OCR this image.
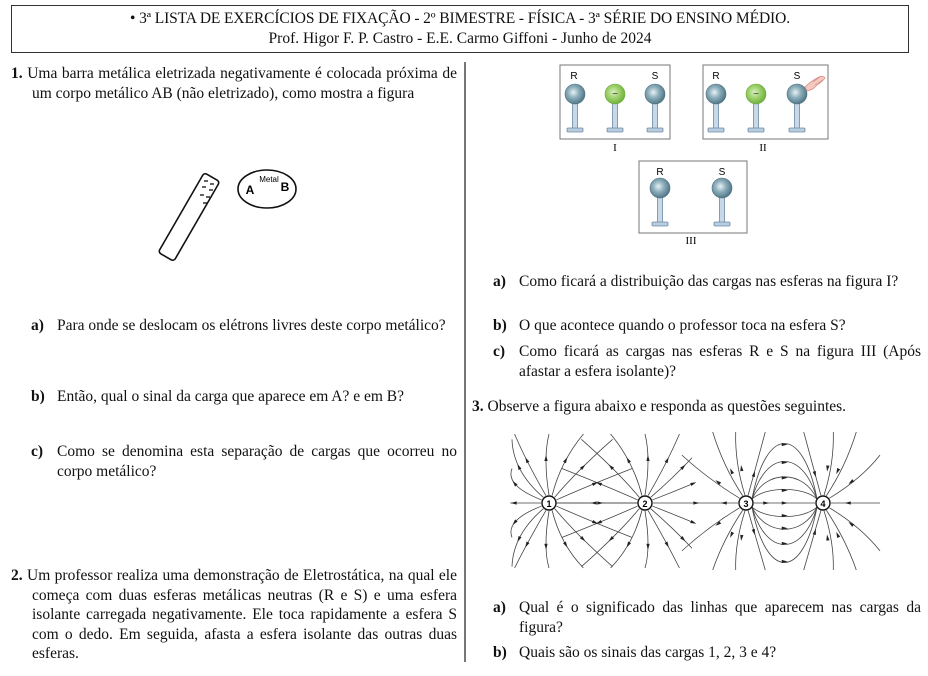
• 3ª LISTA DE EXERCÍCIOS DE FIXAÇÃO - 2º BIMESTRE - FÍSICA - 3ª SÉRIE DO ENSINO MÉDIO.
Prof. Higor F. P. Castro - E.E. Carmo Giffoni - Junho de 2024
1. Uma barra metálica eletrizada negativamente é colocada próxima de um corpo metálico AB (não eletrizado), como mostra a figura
Metal
A B
a) Para onde se deslocam os elétrons livres deste corpo metálico?
b) Então, qual o sinal da carga que aparece em A? e em B?
c) Como se denomina esta separação de cargas que ocorreu no corpo metálico?
2. Um professor realiza uma demonstração de Eletrostática, na qual ele começa com duas esferas metálicas neutras (R e S) e uma esfera isolante carregada negativamente. Ele toca rapidamente a esfera S com o dedo. Em seguida, afasta a esfera isolante das outras duas esferas.
R	S
−
I
R	S
−
II
R	S
III
a) Como ficará a distribuição das cargas nas esferas na figura I?
b) O que acontece quando o professor toca na esfera S?
c) Como ficará as cargas nas esferas R e S na figura III (Após afastar a esfera isolante)?
3. Observe a figura abaixo e responda as questões seguintes.
1	2	3	4
a) Qual é o significado das linhas que aparecem nas cargas da figura?
b) Quais são os sinais das cargas 1, 2, 3 e 4?
